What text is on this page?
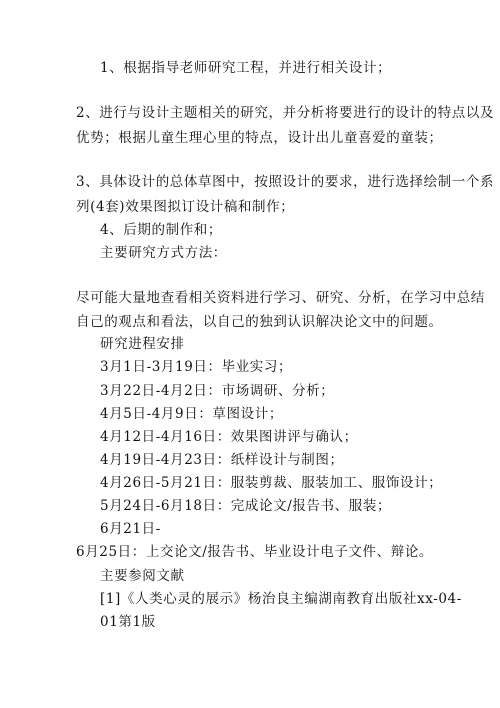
1、根据指导老师研究工程，并进行相关设计；
2、进行与设计主题相关的研究，并分析将要进行的设计的特点以及
优势；根据儿童生理心里的特点，设计出儿童喜爱的童装；
3、具体设计的总体草图中，按照设计的要求，进行选择绘制一个系
列(4套)效果图拟订设计稿和制作；
4、后期的制作和；
主要研究方式方法：
尽可能大量地查看相关资料进行学习、研究、分析，在学习中总结
自己的观点和看法，以自己的独到认识解决论文中的问题。
研究进程安排
3月1日-3月19日：毕业实习；
3月22日-4月2日：市场调研、分析；
4月5日-4月9日：草图设计；
4月12日-4月16日：效果图讲评与确认；
4月19日-4月23日：纸样设计与制图；
4月26日-5月21日：服装剪裁、服装加工、服饰设计；
5月24日-6月18日：完成论文/报告书、服装；
6月21日-
6月25日：上交论文/报告书、毕业设计电子文件、辩论。
主要参阅文献
[1]《人类心灵的展示》杨治良主编湖南教育出版社xx-04-
01第1版
